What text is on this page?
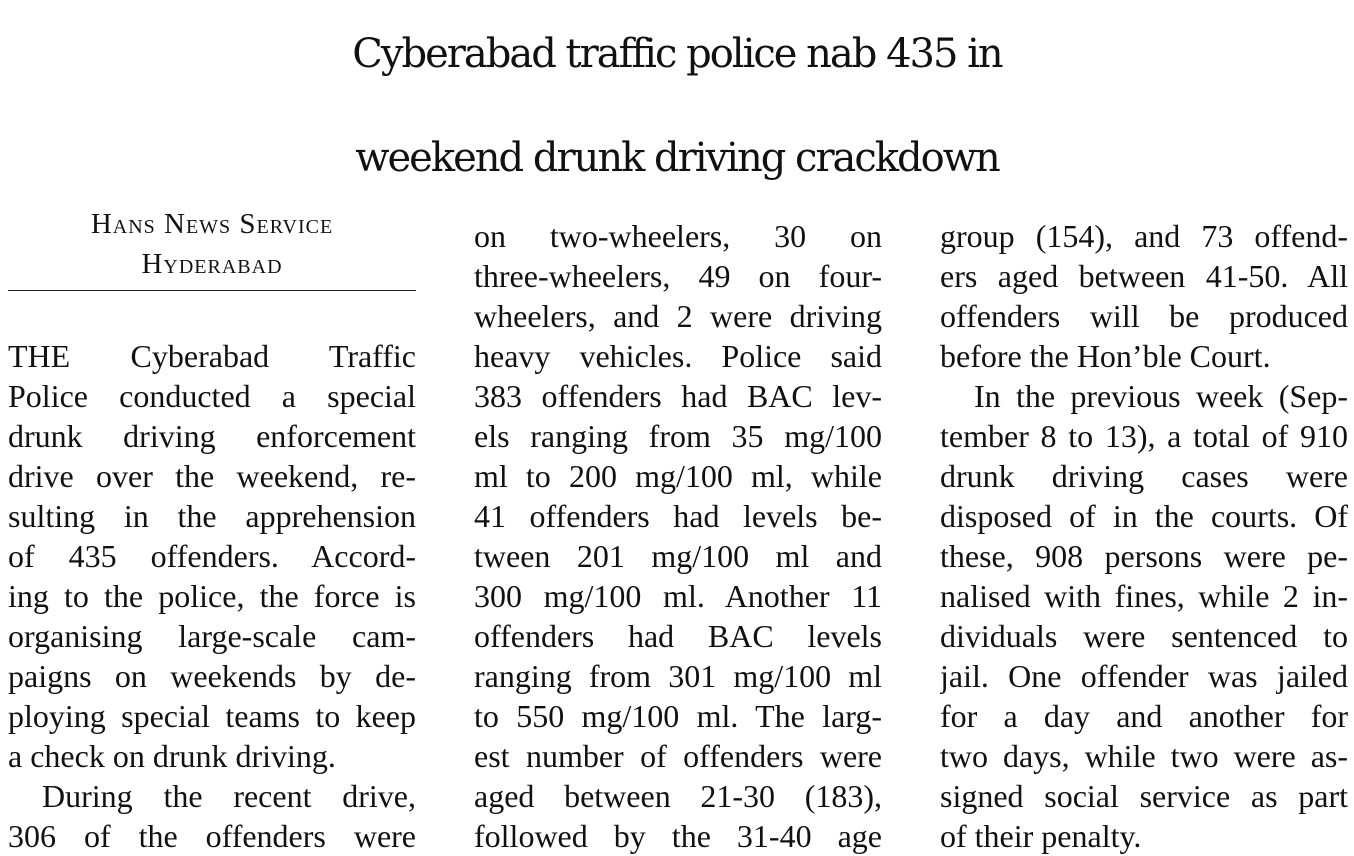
Cyberabad traffic police nab 435 in
weekend drunk driving crackdown
Hans News Service
Hyderabad
THE Cyberabad Traffic
Police conducted a special
drunk driving enforcement
drive over the weekend, re-
sulting in the apprehension
of 435 offenders. Accord-
ing to the police, the force is
organising large-scale cam-
paigns on weekends by de-
ploying special teams to keep
a check on drunk driving.
During the recent drive,
306 of the offenders were
on two-wheelers, 30 on
three-wheelers, 49 on four-
wheelers, and 2 were driving
heavy vehicles. Police said
383 offenders had BAC lev-
els ranging from 35 mg/100
ml to 200 mg/100 ml, while
41 offenders had levels be-
tween 201 mg/100 ml and
300 mg/100 ml. Another 11
offenders had BAC levels
ranging from 301 mg/100 ml
to 550 mg/100 ml. The larg-
est number of offenders were
aged between 21-30 (183),
followed by the 31-40 age
group (154), and 73 offend-
ers aged between 41-50. All
offenders will be produced
before the Hon’ble Court.
In the previous week (Sep-
tember 8 to 13), a total of 910
drunk driving cases were
disposed of in the courts. Of
these, 908 persons were pe-
nalised with fines, while 2 in-
dividuals were sentenced to
jail. One offender was jailed
for a day and another for
two days, while two were as-
signed social service as part
of their penalty.
